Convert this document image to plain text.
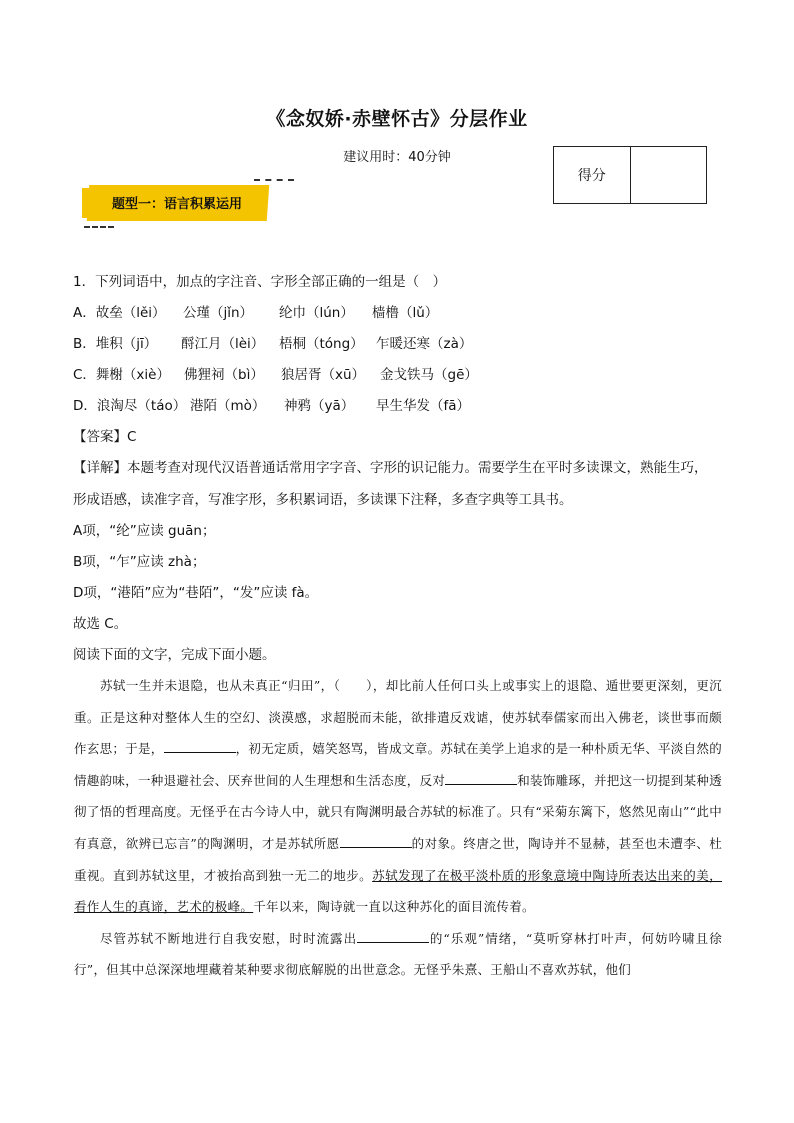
《念奴娇·赤壁怀古》分层作业
建议用时：40分钟
得分
题型一：语言积累运用
1．下列词语中，加点的字注音、字形全部正确的一组是（　）
A．故垒（lěi） 公瑾（jǐn） 纶巾（lún） 樯橹（lǔ）
B．堆积（jī） 酹江月（lèi） 梧桐（tóng） 乍暖还寒（zà）
C．舞榭（xiè） 佛狸祠（bì） 狼居胥（xū） 金戈铁马（gē）
D．浪淘尽（táo） 港陌（mò） 神鸦（yā） 早生华发（fā）
【答案】C
【详解】本题考查对现代汉语普通话常用字字音、字形的识记能力。需要学生在平时多读课文，熟能生巧，
形成语感，读准字音，写准字形，多积累词语，多读课下注释，多查字典等工具书。
A项，“纶”应读 guān；
B项，“乍”应读 zhà；
D项，“港陌”应为“巷陌”，“发”应读 fà。
故选 C。
阅读下面的文字，完成下面小题。

苏轼一生并未退隐，也从未真正“归田”，（　　），却比前人任何口头上或事实上的退隐、遁世要更深刻，更沉重。正是这种对整体人生的空幻、淡漠感，求超脱而未能，欲排遣反戏谑，使苏轼奉儒家而出入佛老，谈世事而颇作玄思；于是，	，初无定质，嬉笑怒骂，皆成文章。苏轼在美学上追求的是一种朴质无华、平淡自然的情趣韵味，一种退避社会、厌弃世间的人生理想和生活态度，反对	和装饰雕琢，并把这一切提到某种透彻了悟的哲理高度。无怪乎在古今诗人中，就只有陶渊明最合苏轼的标准了。只有“采菊东篱下，悠然见南山”“此中有真意，欲辨已忘言”的陶渊明，才是苏轼所愿	的对象。终唐之世，陶诗并不显赫，甚至也未遭李、杜重视。直到苏轼这里，才被抬高到独一无二的地步。苏轼发现了在极平淡朴质的形象意境中陶诗所表达出来的美，看作人生的真谛，艺术的极峰。千年以来，陶诗就一直以这种苏化的面目流传着。

尽管苏轼不断地进行自我安慰，时时流露出	的“乐观”情绪，“莫听穿林打叶声，何妨吟啸且徐行”，但其中总深深地埋藏着某种要求彻底解脱的出世意念。无怪乎朱熹、王船山不喜欢苏轼，他们
